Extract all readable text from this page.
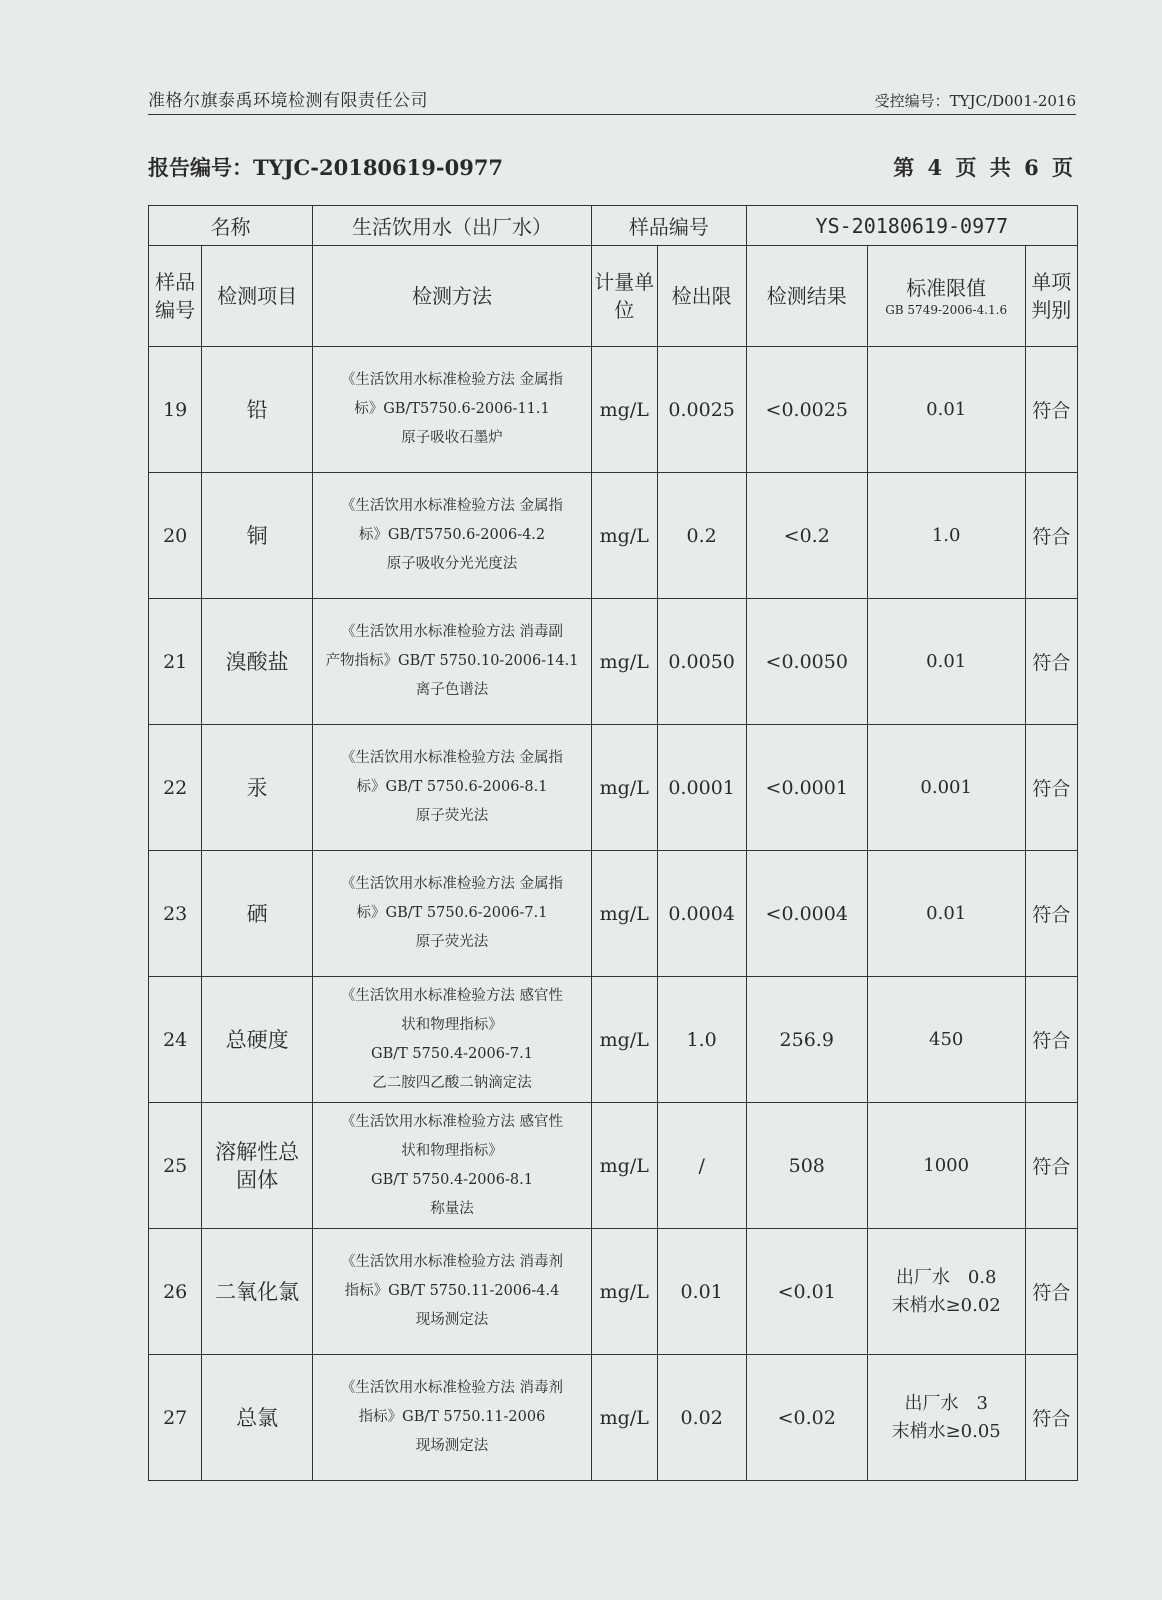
准格尔旗泰禹环境检测有限责任公司	受控编号：TYJC/D001-2016
报告编号：TYJC-20180619-0977	第 4 页 共 6 页
名称		生活饮用水（出厂水）	样品编号		YS-20180619-0977		
样品编号	检测项目	检测方法	计量单位	检出限	检测结果	标准限值
GB 5749-2006-4.1.6	单项判别
19	铅	《生活饮用水标准检验方法 金属指
标》GB/T5750.6-2006-11.1
原子吸收石墨炉	mg/L	0.0025	<0.0025	0.01	符合
20	铜	《生活饮用水标准检验方法 金属指
标》GB/T5750.6-2006-4.2
原子吸收分光光度法	mg/L	0.2	<0.2	1.0	符合
21	溴酸盐	《生活饮用水标准检验方法 消毒副
产物指标》GB/T 5750.10-2006-14.1
离子色谱法	mg/L	0.0050	<0.0050	0.01	符合
22	汞	《生活饮用水标准检验方法 金属指
标》GB/T 5750.6-2006-8.1
原子荧光法	mg/L	0.0001	<0.0001	0.001	符合
23	硒	《生活饮用水标准检验方法 金属指
标》GB/T 5750.6-2006-7.1
原子荧光法	mg/L	0.0004	<0.0004	0.01	符合
24	总硬度	《生活饮用水标准检验方法 感官性
状和物理指标》
GB/T 5750.4-2006-7.1
乙二胺四乙酸二钠滴定法	mg/L	1.0	256.9	450	符合
25	溶解性总固体	《生活饮用水标准检验方法 感官性
状和物理指标》
GB/T 5750.4-2006-8.1
称量法	mg/L	/	508	1000	符合
26	二氧化氯	《生活饮用水标准检验方法 消毒剂
指标》GB/T 5750.11-2006-4.4
现场测定法	mg/L	0.01	<0.01	出厂水　0.8
末梢水≥0.02	符合
27	总氯	《生活饮用水标准检验方法 消毒剂
指标》GB/T 5750.11-2006
现场测定法	mg/L	0.02	<0.02	出厂水　3
末梢水≥0.05	符合
